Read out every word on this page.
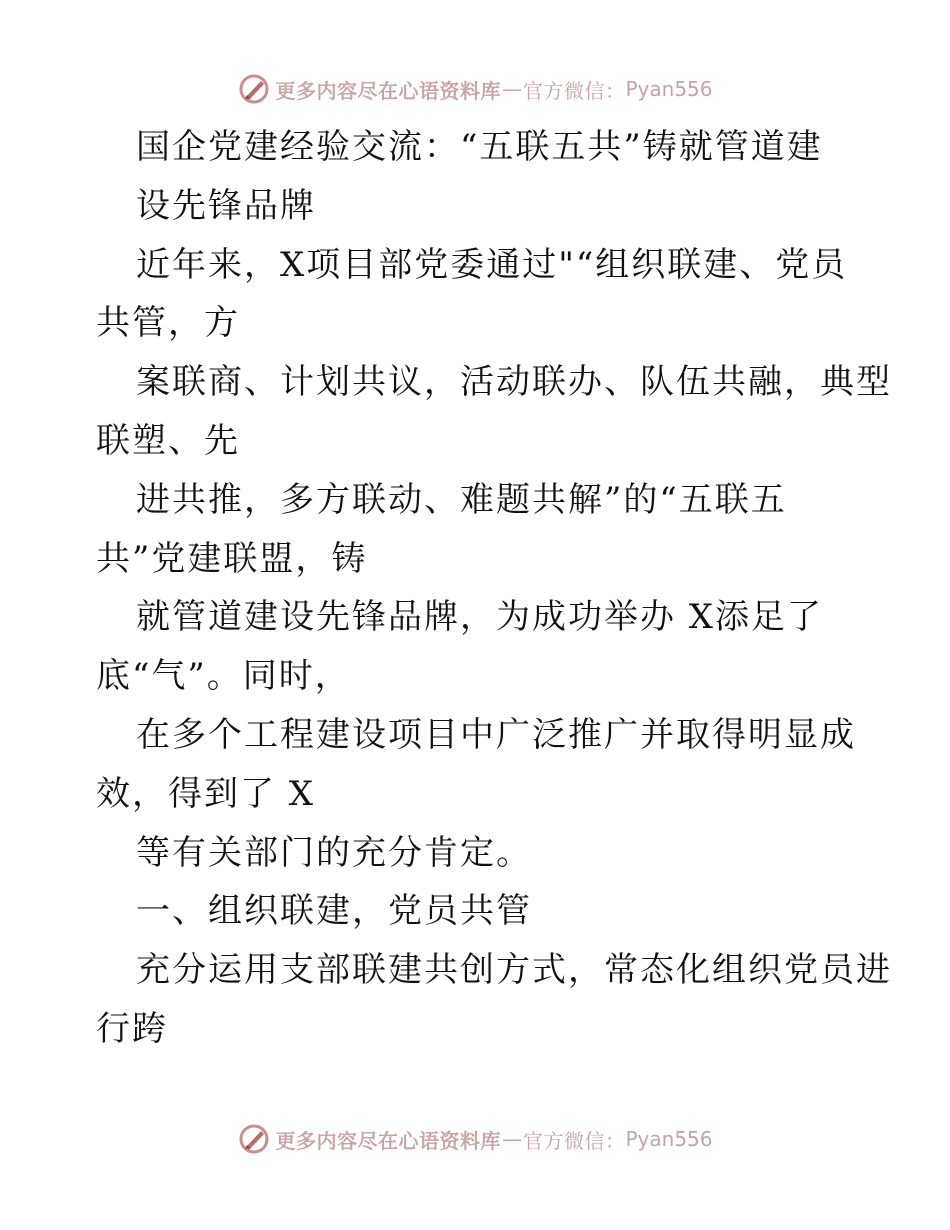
更多内容尽在心语资料库 — 官方微信： Pyan556
国企党建经验交流：“五联五共”铸就管道建
设先锋品牌
近年来，X项目部党委通过"“组织联建、党员
共管，方
案联商、计划共议，活动联办、队伍共融，典型
联塑、先
进共推，多方联动、难题共解”的“五联五
共”党建联盟，铸
就管道建设先锋品牌，为成功举办 X添足了
底“气”。同时，
在多个工程建设项目中广泛推广并取得明显成
效，得到了 X
等有关部门的充分肯定。
一、组织联建，党员共管
充分运用支部联建共创方式，常态化组织党员进
行跨
更多内容尽在心语资料库 — 官方微信： Pyan556
